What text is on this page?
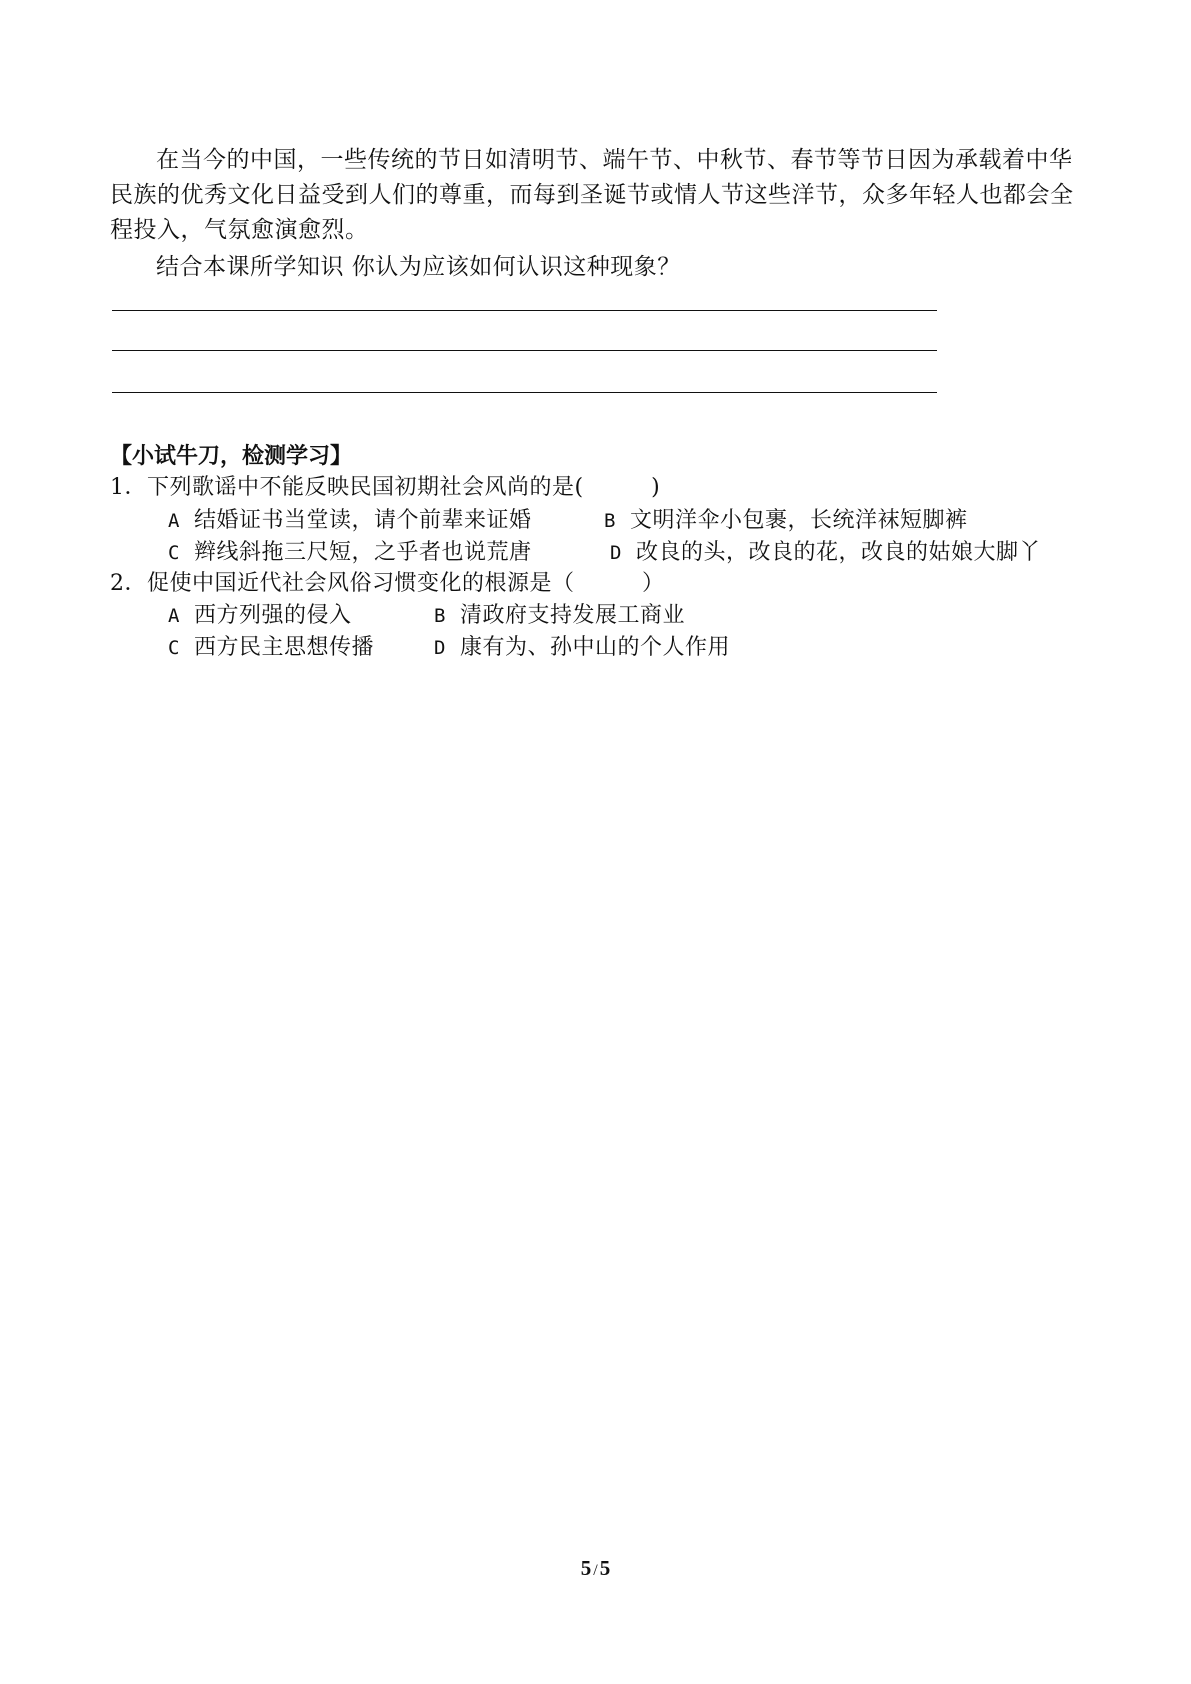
在当今的中国，一些传统的节日如清明节、端午节、中秋节、春节等节日因为承载着中华民族的优秀文化日益受到人们的尊重，而每到圣诞节或情人节这些洋节，众多年轻人也都会全程投入，气氛愈演愈烈。

结合本课所学知识 你认为应该如何认识这种现象？

【小试牛刀，检测学习】

1．下列歌谣中不能反映民国初期社会风尚的是(　　　)

A 结婚证书当堂读，请个前辈来证婚	B 文明洋伞小包裹，长统洋袜短脚裤

C 辫线斜拖三尺短，之乎者也说荒唐	D 改良的头，改良的花，改良的姑娘大脚丫

2．促使中国近代社会风俗习惯变化的根源是（　　　）

A 西方列强的侵入	B 清政府支持发展工商业

C 西方民主思想传播	D 康有为、孙中山的个人作用

5 /5
